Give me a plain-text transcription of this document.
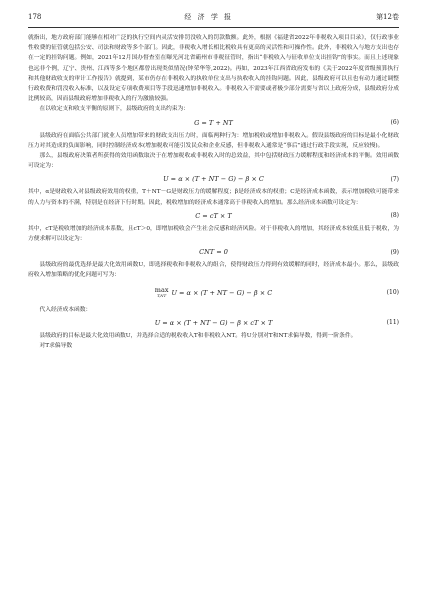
178	经 济 学 报	第12卷

就指出，地方政府部门能够在相对广泛的执行空间内灵活安排罚没收入的罚款数额。此外，根据《福建省2022年非税收入项目目录》，仅行政事业性收费的征管就包括公安、司法和财政等多个部门。因此，非税收入增长相比税收具有更高的灵活性和可操作性。此外，非税收入与地方支出也存在一定的挂钩问题。例如，2021年12月国办督查室在曝光河北省霸州市非税征管时，指出“非税收入与征收单位支出挂钩”的事实。而且上述现象也远非个例，辽宁、贵州、江西等多个地区都曾出现类似情况(钟荣华等,2022)。再如，2023年江西省政府发布的《关于2022年度省级预算执行和其他财政收支的审计工作报告》就提到，某市仍存在非税收入的执收单位支出与执收收入的挂钩问题。因此，县级政府可以且也有动力通过调整行政收费和罚没收入标准，以及设定专项收费项目等手段迅速增加非税收入。非税收入不需要或者极少部分需要与省以上政府分成，县级政府分成比例较高，因而县级政府增加非税收入的行为激励较强。

在以收定支和收支平衡的原则下，县级政府的支出约束为：

G = T + NT	(6)

县级政府在面临公共部门就业人员增加带来的财政支出压力时，面临两种行为：增加税收或增加非税收入。假设县级政府的目标是最小化财政压力对其造成的负面影响，同时控制经济成本(增加税收可能引发民众和企业反感，但非税收入通常是“事后”通过行政手段实现，反应较慢)。

那么，县级政府决策者所获得的效用函数取决于在增加税收或非税收入时的总效益，其中包括财政压力缓解程度和经济成本的平衡。效用函数可设定为：

U = α × (T + NT − G) − β × C	(7)

其中，α是财政收入对县级政府效用的权重，T＋NT－G是财政压力的缓解程度；β是经济成本的权重；C是经济成本函数，表示增加税收可能带来的人力与资本的不满，特别是在经济下行时期。因此，税收增加的经济成本通常高于非税收入的增加。那么经济成本函数可设定为：

C = cT × T	(8)

其中，cT是税收增加的经济成本系数，且cT＞0，即增加税收会产生社会反感和经济风险。对于非税收入的增加，其经济成本较低且低于税收，为方便求解可以设定为：

CNT = 0	(9)

县级政府的最优选择是最大化效用函数U，即选择税收和非税收入的组合，使得财政压力得到有效缓解的同时，经济成本最小。那么，县级政府收入增加策略的优化问题可写为：

max
T,NT U = α × (T + NT − G) − β × C	(10)

代入经济成本函数：

U = α × (T + NT − G) − β × cT × T	(11)

县级政府的目标是最大化效用函数U，并选择合适的税收收入T和非税收入NT。将U分别对T和NT求偏导数，得到一阶条件。

对T求偏导数
